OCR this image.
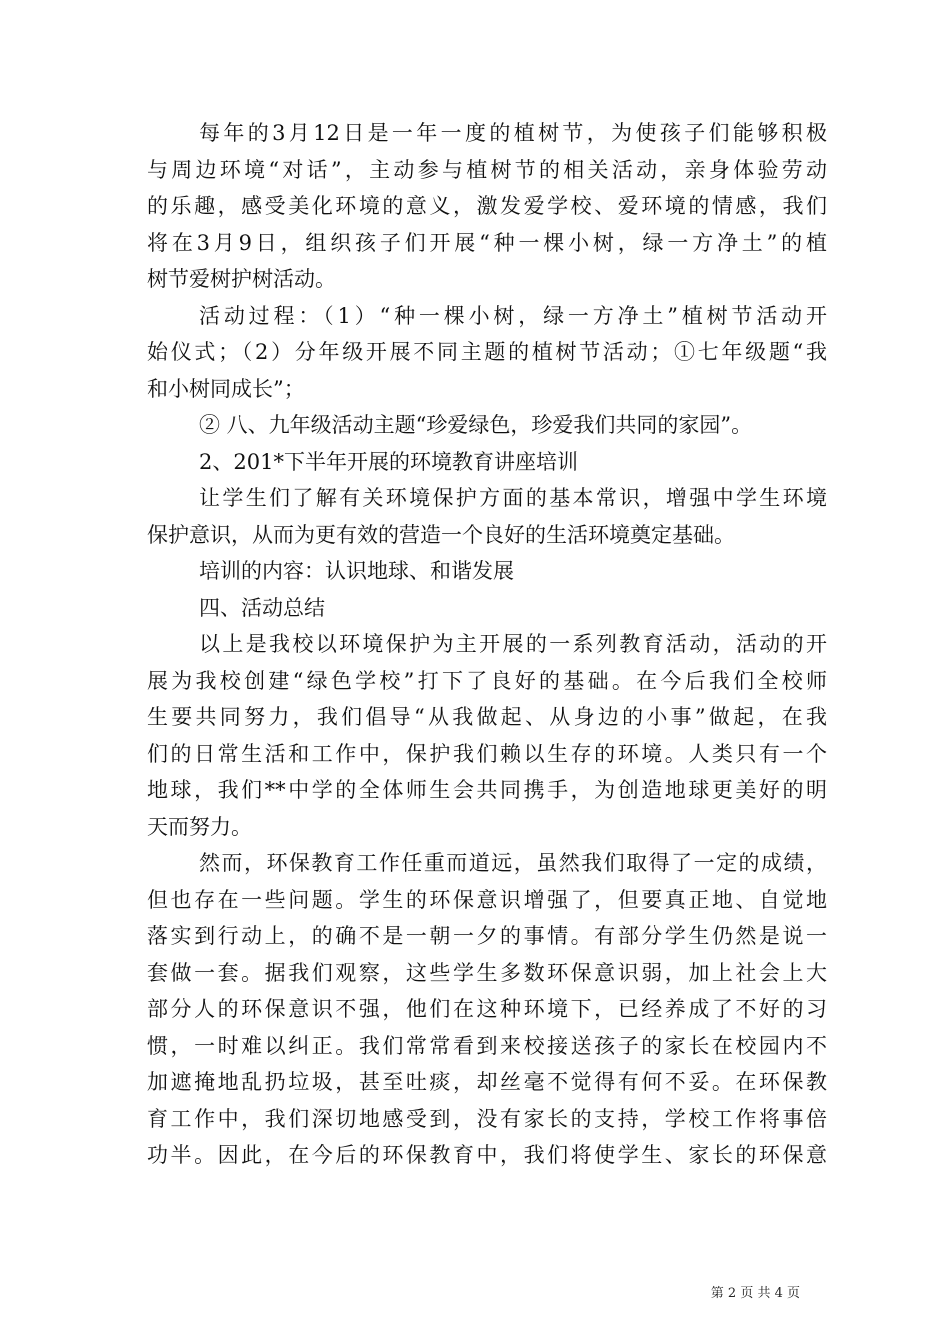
每年的3月12日是一年一度的植树节，为使孩子们能够积极
与周边环境“对话”，主动参与植树节的相关活动，亲身体验劳动
的乐趣，感受美化环境的意义，激发爱学校、爱环境的情感，我们
将在3月9日，组织孩子们开展“种一棵小树，绿一方净土”的植
树节爱树护树活动。
活动过程：（1）“种一棵小树，绿一方净土”植树节活动开
始仪式；（2）分年级开展不同主题的植树节活动；①七年级题“我
和小树同成长”；
② 八、九年级活动主题“珍爱绿色，珍爱我们共同的家园”。
2、201*下半年开展的环境教育讲座培训
让学生们了解有关环境保护方面的基本常识，增强中学生环境
保护意识，从而为更有效的营造一个良好的生活环境奠定基础。
培训的内容：认识地球、和谐发展
四、活动总结
以上是我校以环境保护为主开展的一系列教育活动，活动的开
展为我校创建“绿色学校”打下了良好的基础。在今后我们全校师
生要共同努力，我们倡导“从我做起、从身边的小事”做起，在我
们的日常生活和工作中，保护我们赖以生存的环境。人类只有一个
地球，我们**中学的全体师生会共同携手，为创造地球更美好的明
天而努力。
然而，环保教育工作任重而道远，虽然我们取得了一定的成绩，
但也存在一些问题。学生的环保意识增强了，但要真正地、自觉地
落实到行动上，的确不是一朝一夕的事情。有部分学生仍然是说一
套做一套。据我们观察，这些学生多数环保意识弱，加上社会上大
部分人的环保意识不强，他们在这种环境下，已经养成了不好的习
惯，一时难以纠正。我们常常看到来校接送孩子的家长在校园内不
加遮掩地乱扔垃圾，甚至吐痰，却丝毫不觉得有何不妥。在环保教
育工作中，我们深切地感受到，没有家长的支持，学校工作将事倍
功半。因此，在今后的环保教育中，我们将使学生、家长的环保意
第 2 页 共 4 页
